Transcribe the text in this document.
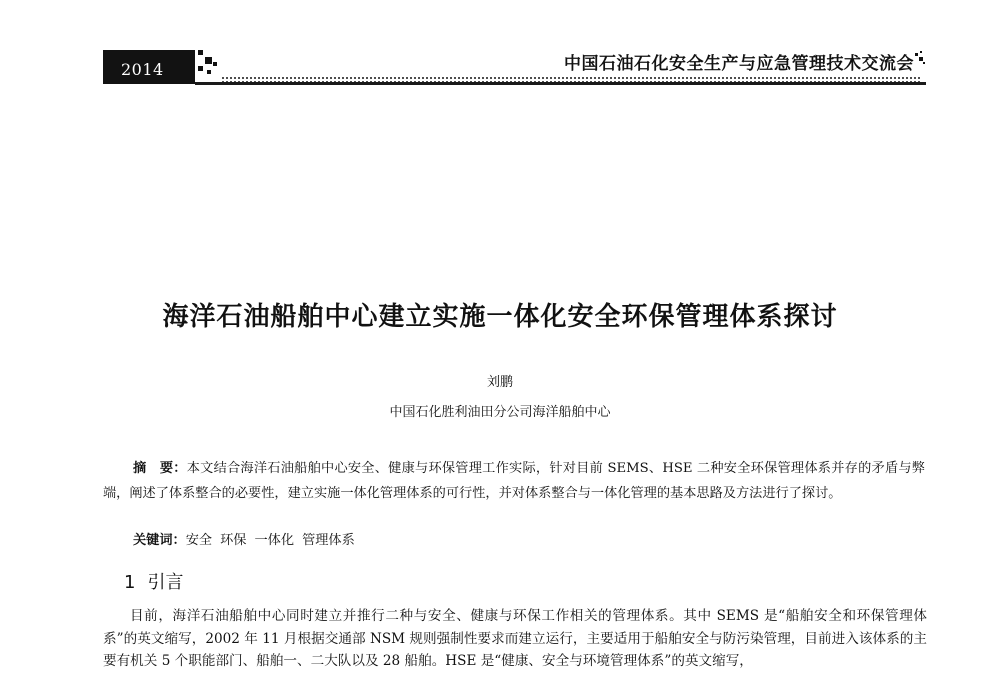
2014	中国石油石化安全生产与应急管理技术交流会
海洋石油船舶中心建立实施一体化安全环保管理体系探讨
刘鹏
中国石化胜利油田分公司海洋船舶中心
摘　要：本文结合海洋石油船舶中心安全、健康与环保管理工作实际，针对目前 SEMS、HSE 二种安全环保管理体系并存的矛盾与弊端，阐述了体系整合的必要性，建立实施一体化管理体系的可行性，并对体系整合与一体化管理的基本思路及方法进行了探讨。
关键词：安全 环保 一体化 管理体系
1 引言
目前，海洋石油船舶中心同时建立并推行二种与安全、健康与环保工作相关的管理体系。其中 SEMS 是“船舶安全和环保管理体系”的英文缩写，2002 年 11 月根据交通部 NSM 规则强制性要求而建立运行，主要适用于船舶安全与防污染管理，目前进入该体系的主要有机关 5 个职能部门、船舶一、二大队以及 28 船舶。HSE 是“健康、安全与环境管理体系”的英文缩写，
